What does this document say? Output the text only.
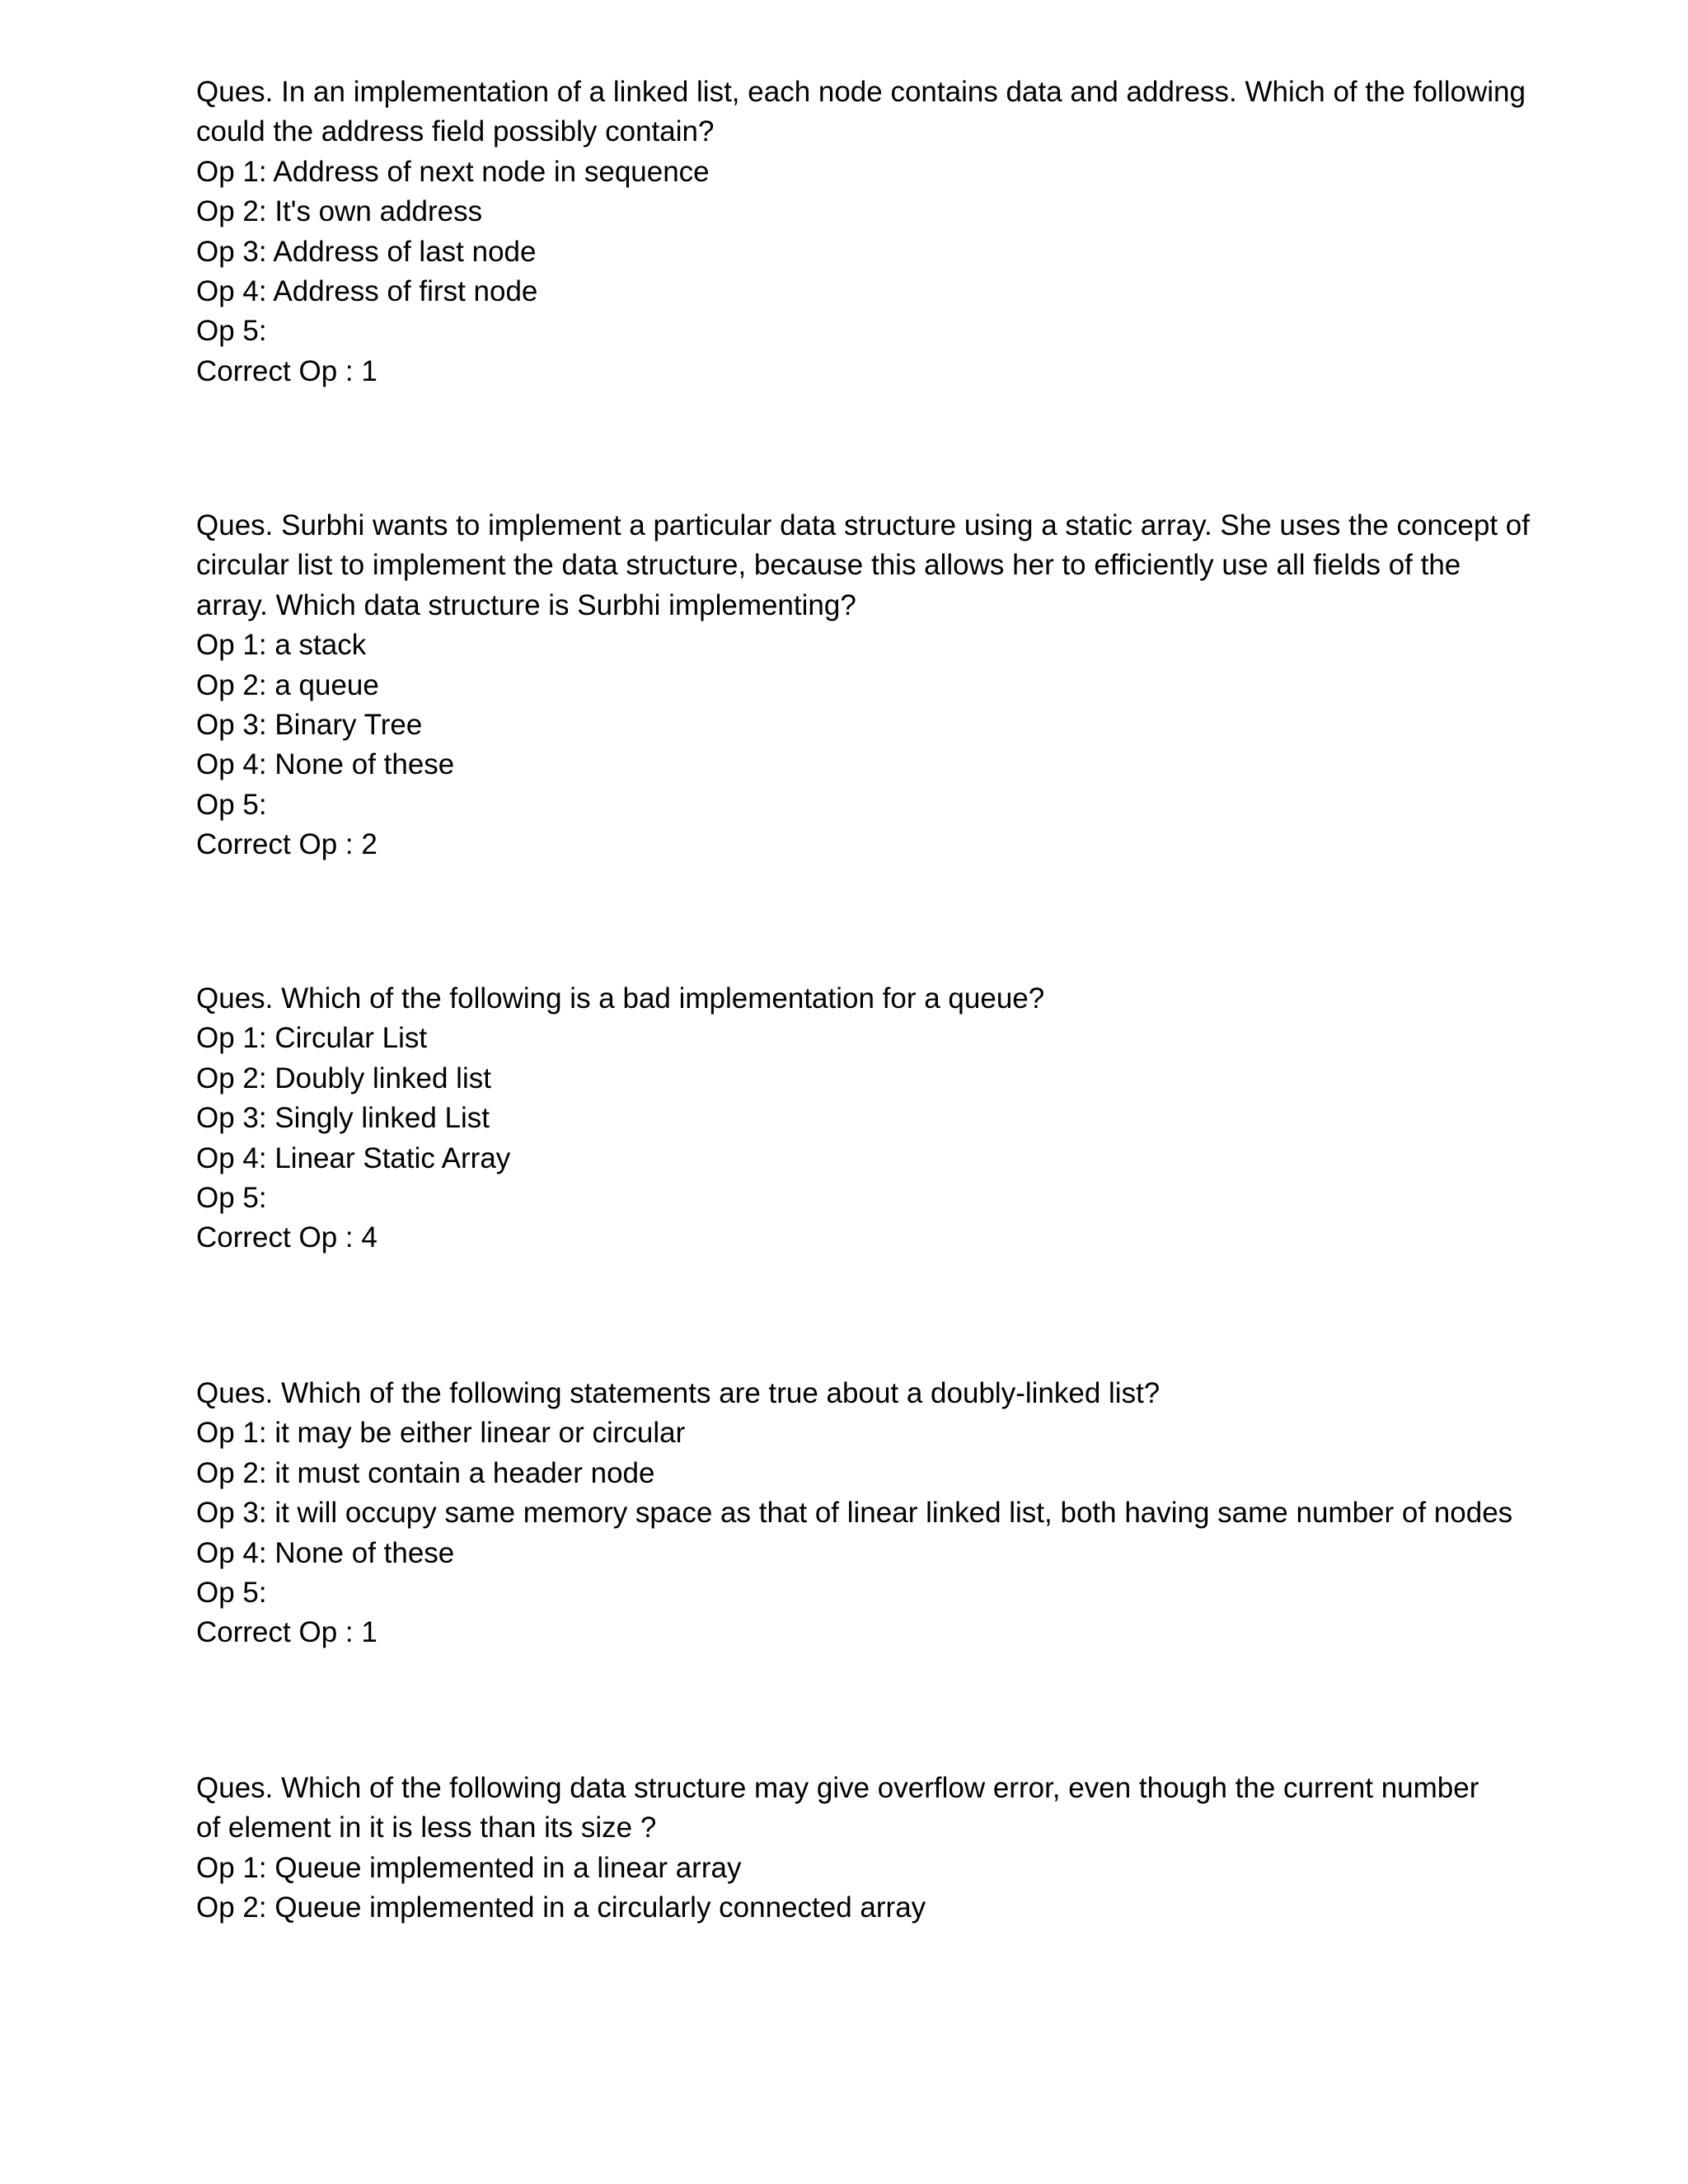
Ques. In an implementation of a linked list, each node contains data and address. Which of the following
could the address field possibly contain?
Op 1: Address of next node in sequence
Op 2: It's own address
Op 3: Address of last node
Op 4: Address of first node
Op 5:
Correct Op : 1
Ques. Surbhi wants to implement a particular data structure using a static array. She uses the concept of
circular list to implement the data structure, because this allows her to efficiently use all fields of the
array. Which data structure is Surbhi implementing?
Op 1: a stack
Op 2: a queue
Op 3: Binary Tree
Op 4: None of these
Op 5:
Correct Op : 2
Ques. Which of the following is a bad implementation for a queue?
Op 1: Circular List
Op 2: Doubly linked list
Op 3: Singly linked List
Op 4: Linear Static Array
Op 5:
Correct Op : 4
Ques. Which of the following statements are true about a doubly-linked list?
Op 1: it may be either linear or circular
Op 2: it must contain a header node
Op 3: it will occupy same memory space as that of linear linked list, both having same number of nodes
Op 4: None of these
Op 5:
Correct Op : 1
Ques. Which of the following data structure may give overflow error, even though the current number
of element in it is less than its size ?
Op 1: Queue implemented in a linear array
Op 2: Queue implemented in a circularly connected array
